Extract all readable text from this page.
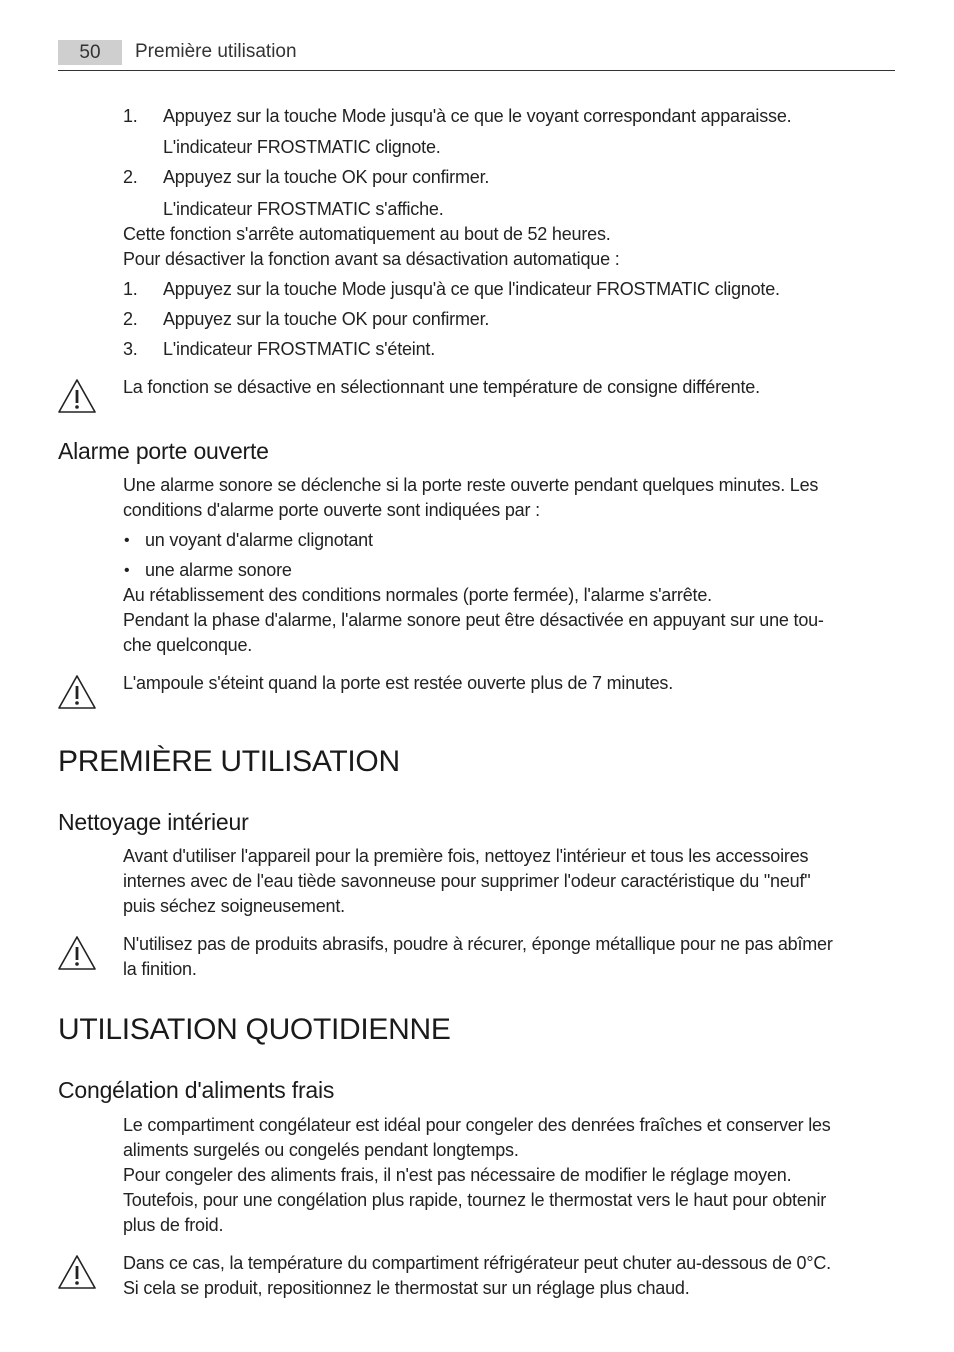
50	Première utilisation
1. Appuyez sur la touche Mode jusqu'à ce que le voyant correspondant apparaisse.
L'indicateur FROSTMATIC clignote.
2. Appuyez sur la touche OK pour confirmer.
L'indicateur FROSTMATIC s'affiche.
Cette fonction s'arrête automatiquement au bout de 52 heures.
Pour désactiver la fonction avant sa désactivation automatique :
1. Appuyez sur la touche Mode jusqu'à ce que l'indicateur FROSTMATIC clignote.
2. Appuyez sur la touche OK pour confirmer.
3. L'indicateur FROSTMATIC s'éteint.
La fonction se désactive en sélectionnant une température de consigne différente.
Alarme porte ouverte
Une alarme sonore se déclenche si la porte reste ouverte pendant quelques minutes. Les
conditions d'alarme porte ouverte sont indiquées par :
• un voyant d'alarme clignotant
• une alarme sonore
Au rétablissement des conditions normales (porte fermée), l'alarme s'arrête.
Pendant la phase d'alarme, l'alarme sonore peut être désactivée en appuyant sur une tou-
che quelconque.
L'ampoule s'éteint quand la porte est restée ouverte plus de 7 minutes.
PREMIÈRE UTILISATION
Nettoyage intérieur
Avant d'utiliser l'appareil pour la première fois, nettoyez l'intérieur et tous les accessoires
internes avec de l'eau tiède savonneuse pour supprimer l'odeur caractéristique du "neuf"
puis séchez soigneusement.
N'utilisez pas de produits abrasifs, poudre à récurer, éponge métallique pour ne pas abîmer
la finition.
UTILISATION QUOTIDIENNE
Congélation d'aliments frais
Le compartiment congélateur est idéal pour congeler des denrées fraîches et conserver les
aliments surgelés ou congelés pendant longtemps.
Pour congeler des aliments frais, il n'est pas nécessaire de modifier le réglage moyen.
Toutefois, pour une congélation plus rapide, tournez le thermostat vers le haut pour obtenir
plus de froid.
Dans ce cas, la température du compartiment réfrigérateur peut chuter au-dessous de 0°C.
Si cela se produit, repositionnez le thermostat sur un réglage plus chaud.
